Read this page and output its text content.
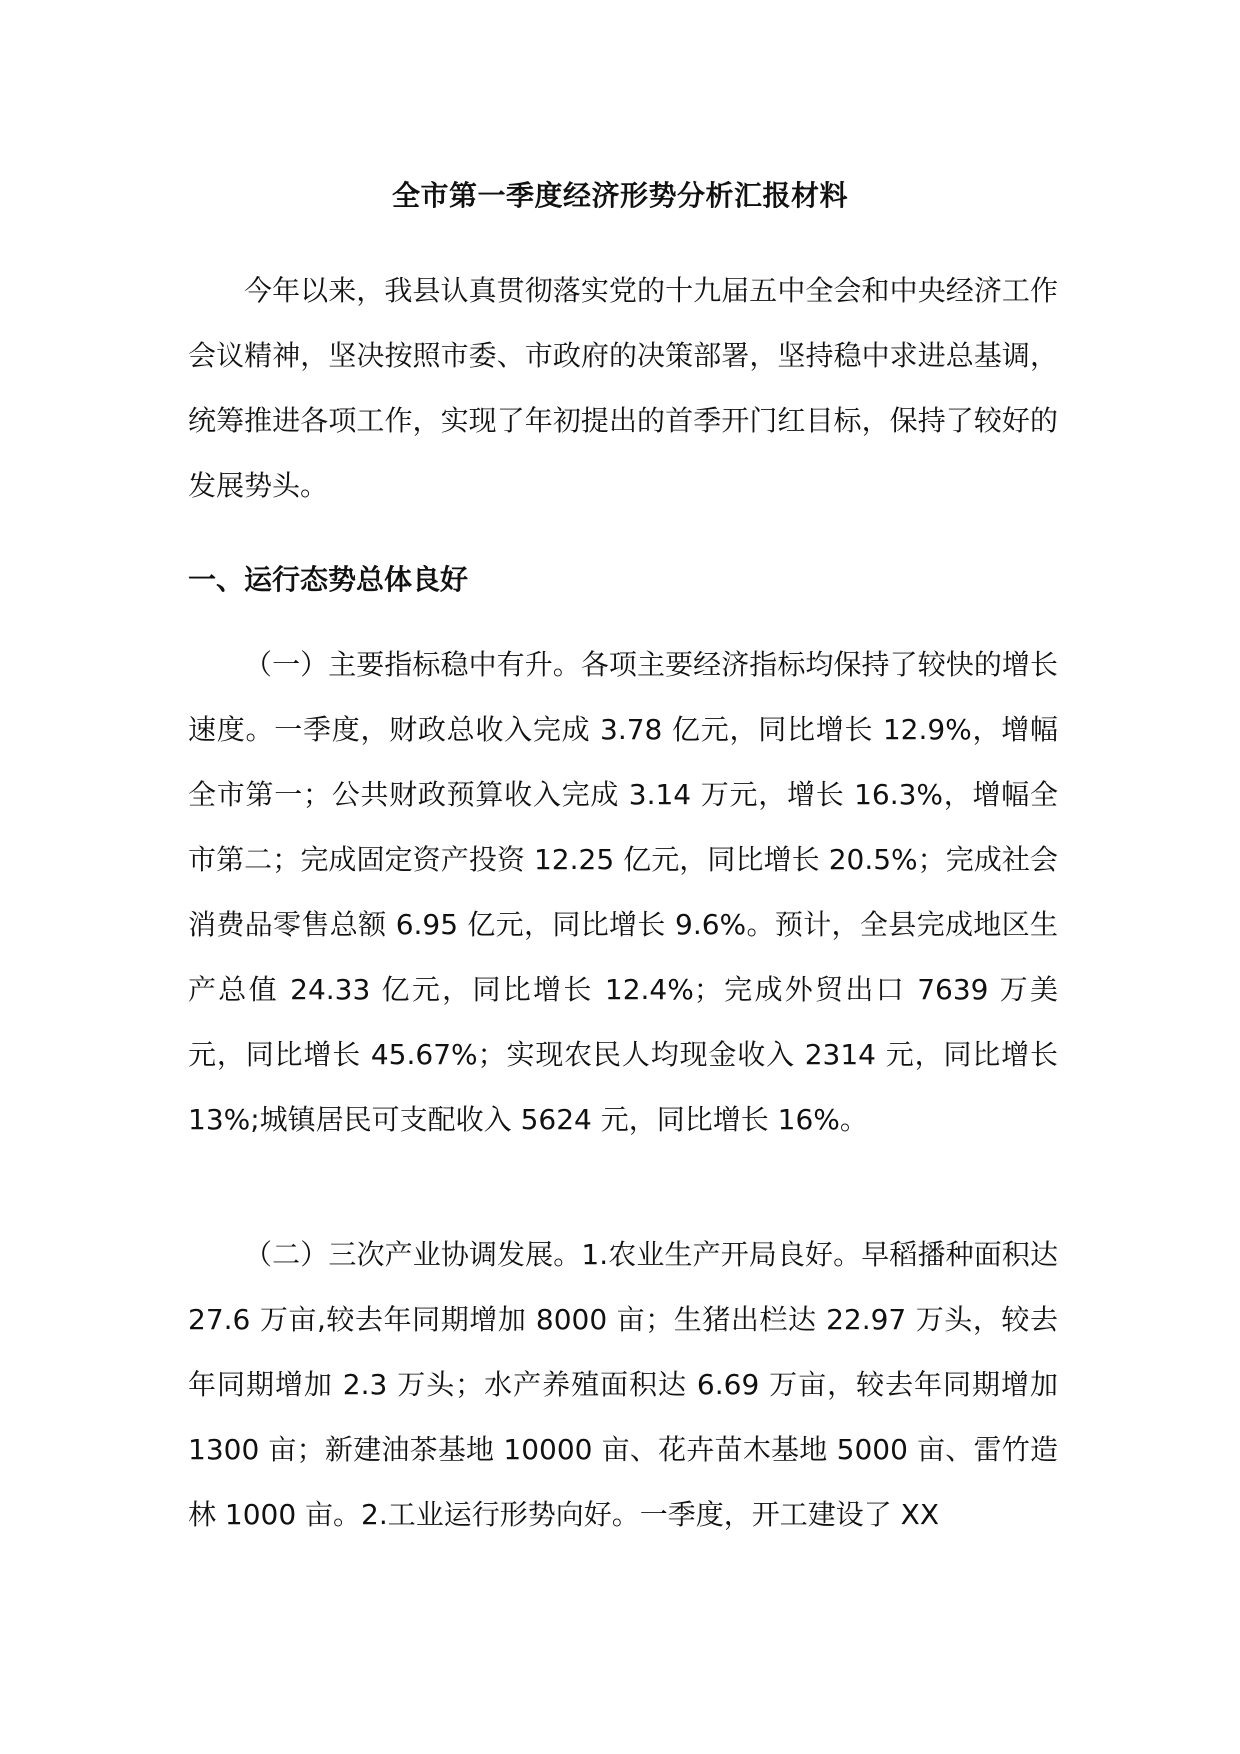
全市第一季度经济形势分析汇报材料

今年以来，我县认真贯彻落实党的十九届五中全会和中央经济工作会议精神，坚决按照市委、市政府的决策部署，坚持稳中求进总基调，统筹推进各项工作，实现了年初提出的首季开门红目标，保持了较好的发展势头。

一、运行态势总体良好

（一）主要指标稳中有升。各项主要经济指标均保持了较快的增长速度。一季度，财政总收入完成 3.78 亿元，同比增长 12.9%，增幅全市第一；公共财政预算收入完成 3.14 万元，增长 16.3%，增幅全市第二；完成固定资产投资 12.25 亿元，同比增长 20.5%；完成社会消费品零售总额 6.95 亿元，同比增长 9.6%。预计，全县完成地区生产总值 24.33 亿元，同比增长 12.4%；完成外贸出口 7639 万美元，同比增长 45.67%；实现农民人均现金收入 2314 元，同比增长 13%;城镇居民可支配收入 5624 元，同比增长 16%。

（二）三次产业协调发展。1.农业生产开局良好。早稻播种面积达 27.6 万亩,较去年同期增加 8000 亩；生猪出栏达 22.97 万头，较去年同期增加 2.3 万头；水产养殖面积达 6.69 万亩，较去年同期增加 1300 亩；新建油茶基地 10000 亩、花卉苗木基地 5000 亩、雷竹造林 1000 亩。2.工业运行形势向好。一季度，开工建设了 XX
